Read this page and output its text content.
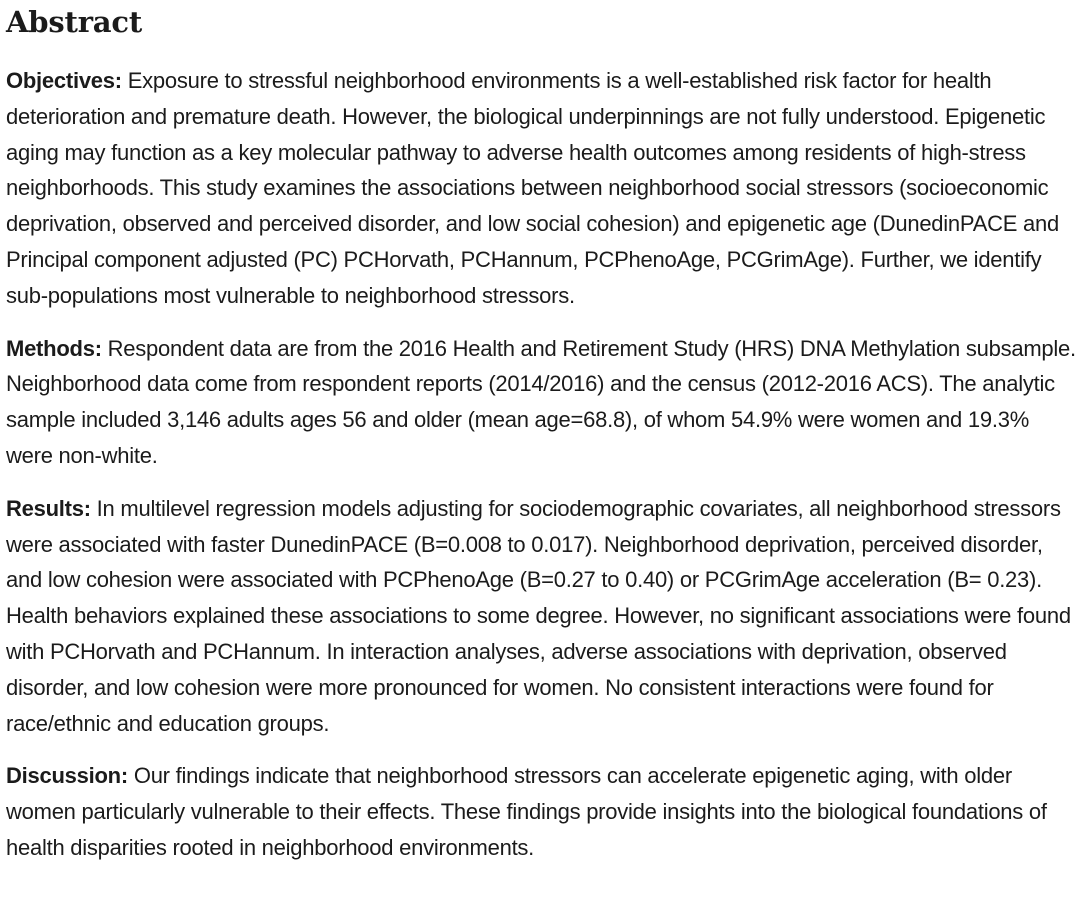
Abstract

Objectives: Exposure to stressful neighborhood environments is a well-established risk factor for health deterioration and premature death. However, the biological underpinnings are not fully understood. Epigenetic aging may function as a key molecular pathway to adverse health outcomes among residents of high-stress neighborhoods. This study examines the associations between neighborhood social stressors (socioeconomic deprivation, observed and perceived disorder, and low social cohesion) and epigenetic age (DunedinPACE and Principal component adjusted (PC) PCHorvath, PCHannum, PCPhenoAge, PCGrimAge). Further, we identify sub-populations most vulnerable to neighborhood stressors.

Methods: Respondent data are from the 2016 Health and Retirement Study (HRS) DNA Methylation subsample. Neighborhood data come from respondent reports (2014/2016) and the census (2012-2016 ACS). The analytic sample included 3,146 adults ages 56 and older (mean age=68.8), of whom 54.9% were women and 19.3% were non-white.

Results: In multilevel regression models adjusting for sociodemographic covariates, all neighborhood stressors were associated with faster DunedinPACE (B=0.008 to 0.017). Neighborhood deprivation, perceived disorder, and low cohesion were associated with PCPhenoAge (B=0.27 to 0.40) or PCGrimAge acceleration (B= 0.23). Health behaviors explained these associations to some degree. However, no significant associations were found with PCHorvath and PCHannum. In interaction analyses, adverse associations with deprivation, observed disorder, and low cohesion were more pronounced for women. No consistent interactions were found for race/ethnic and education groups.

Discussion: Our findings indicate that neighborhood stressors can accelerate epigenetic aging, with older women particularly vulnerable to their effects. These findings provide insights into the biological foundations of health disparities rooted in neighborhood environments.
